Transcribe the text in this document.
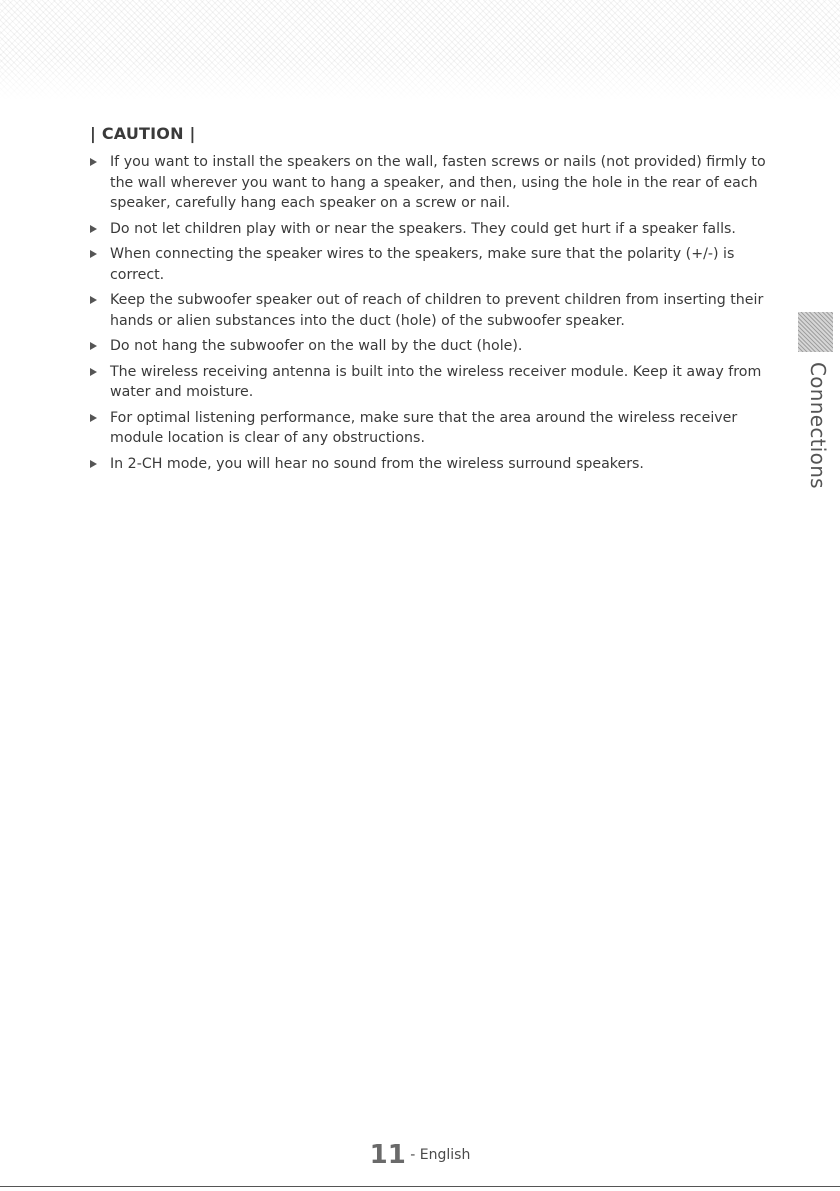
| CAUTION |
If you want to install the speakers on the wall, fasten screws or nails (not provided) firmly to the wall wherever you want to hang a speaker, and then, using the hole in the rear of each speaker, carefully hang each speaker on a screw or nail.
Do not let children play with or near the speakers. They could get hurt if a speaker falls.
When connecting the speaker wires to the speakers, make sure that the polarity (+/-) is correct.
Keep the subwoofer speaker out of reach of children to prevent children from inserting their hands or alien substances into the duct (hole) of the subwoofer speaker.
Do not hang the subwoofer on the wall by the duct (hole).
The wireless receiving antenna is built into the wireless receiver module. Keep it away from water and moisture.
For optimal listening performance, make sure that the area around the wireless receiver module location is clear of any obstructions.
In 2-CH mode, you will hear no sound from the wireless surround speakers.	Connections
11 - English
